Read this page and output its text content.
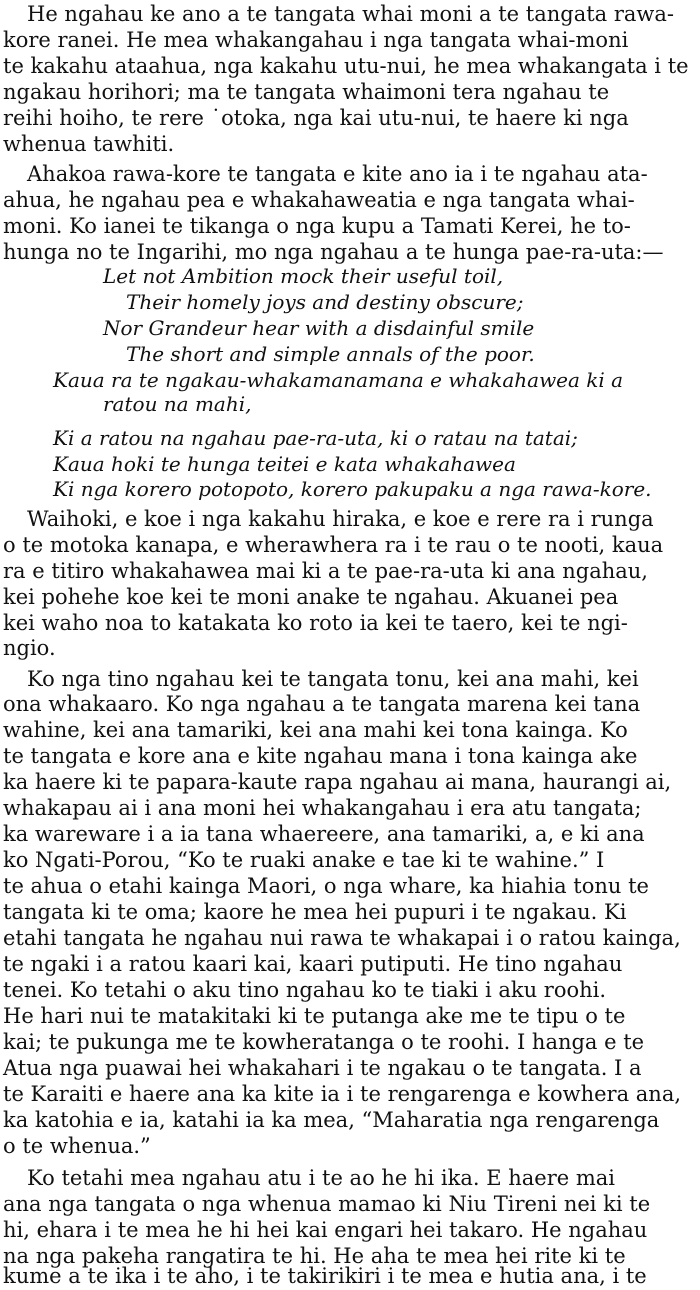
He ngahau ke ano a te tangata whai moni a te tangata rawa-
kore ranei. He mea whakangahau i nga tangata whai-moni
te kakahu ataahua, nga kakahu utu-nui, he mea whakangata i te
ngakau horihori; ma te tangata whaimoni tera ngahau te
reihi hoiho, te rere ˙otoka, nga kai utu-nui, te haere ki nga
whenua tawhiti.
Ahakoa rawa-kore te tangata e kite ano ia i te ngahau ata-
ahua, he ngahau pea e whakahaweatia e nga tangata whai-
moni. Ko ianei te tikanga o nga kupu a Tamati Kerei, he to-
hunga no te Ingarihi, mo nga ngahau a te hunga pae-ra-uta:—
Let not Ambition mock their useful toil,
Their homely joys and destiny obscure;
Nor Grandeur hear with a disdainful smile
The short and simple annals of the poor.
Kaua ra te ngakau-whakamanamana e whakahawea ki a
ratou na mahi,
Ki a ratou na ngahau pae-ra-uta, ki o ratau na tatai;
Kaua hoki te hunga teitei e kata whakahawea
Ki nga korero potopoto, korero pakupaku a nga rawa-kore.
Waihoki, e koe i nga kakahu hiraka, e koe e rere ra i runga
o te motoka kanapa, e wherawhera ra i te rau o te nooti, kaua
ra e titiro whakahawea mai ki a te pae-ra-uta ki ana ngahau,
kei pohehe koe kei te moni anake te ngahau. Akuanei pea
kei waho noa to katakata ko roto ia kei te taero, kei te ngi-
ngio.
Ko nga tino ngahau kei te tangata tonu, kei ana mahi, kei
ona whakaaro. Ko nga ngahau a te tangata marena kei tana
wahine, kei ana tamariki, kei ana mahi kei tona kainga. Ko
te tangata e kore ana e kite ngahau mana i tona kainga ake
ka haere ki te papara-kaute rapa ngahau ai mana, haurangi ai,
whakapau ai i ana moni hei whakangahau i era atu tangata;
ka wareware i a ia tana whaereere, ana tamariki, a, e ki ana
ko Ngati-Porou, “Ko te ruaki anake e tae ki te wahine.” I
te ahua o etahi kainga Maori, o nga whare, ka hiahia tonu te
tangata ki te oma; kaore he mea hei pupuri i te ngakau. Ki
etahi tangata he ngahau nui rawa te whakapai i o ratou kainga,
te ngaki i a ratou kaari kai, kaari putiputi. He tino ngahau
tenei. Ko tetahi o aku tino ngahau ko te tiaki i aku roohi.
He hari nui te matakitaki ki te putanga ake me te tipu o te
kai; te pukunga me te kowheratanga o te roohi. I hanga e te
Atua nga puawai hei whakahari i te ngakau o te tangata. I a
te Karaiti e haere ana ka kite ia i te rengarenga e kowhera ana,
ka katohia e ia, katahi ia ka mea, “Maharatia nga rengarenga
o te whenua.”
Ko tetahi mea ngahau atu i te ao he hi ika. E haere mai
ana nga tangata o nga whenua mamao ki Niu Tireni nei ki te
hi, ehara i te mea he hi hei kai engari hei takaro. He ngahau
na nga pakeha rangatira te hi. He aha te mea hei rite ki te
kume a te ika i te aho, i te takirikiri i te mea e hutia ana, i te
